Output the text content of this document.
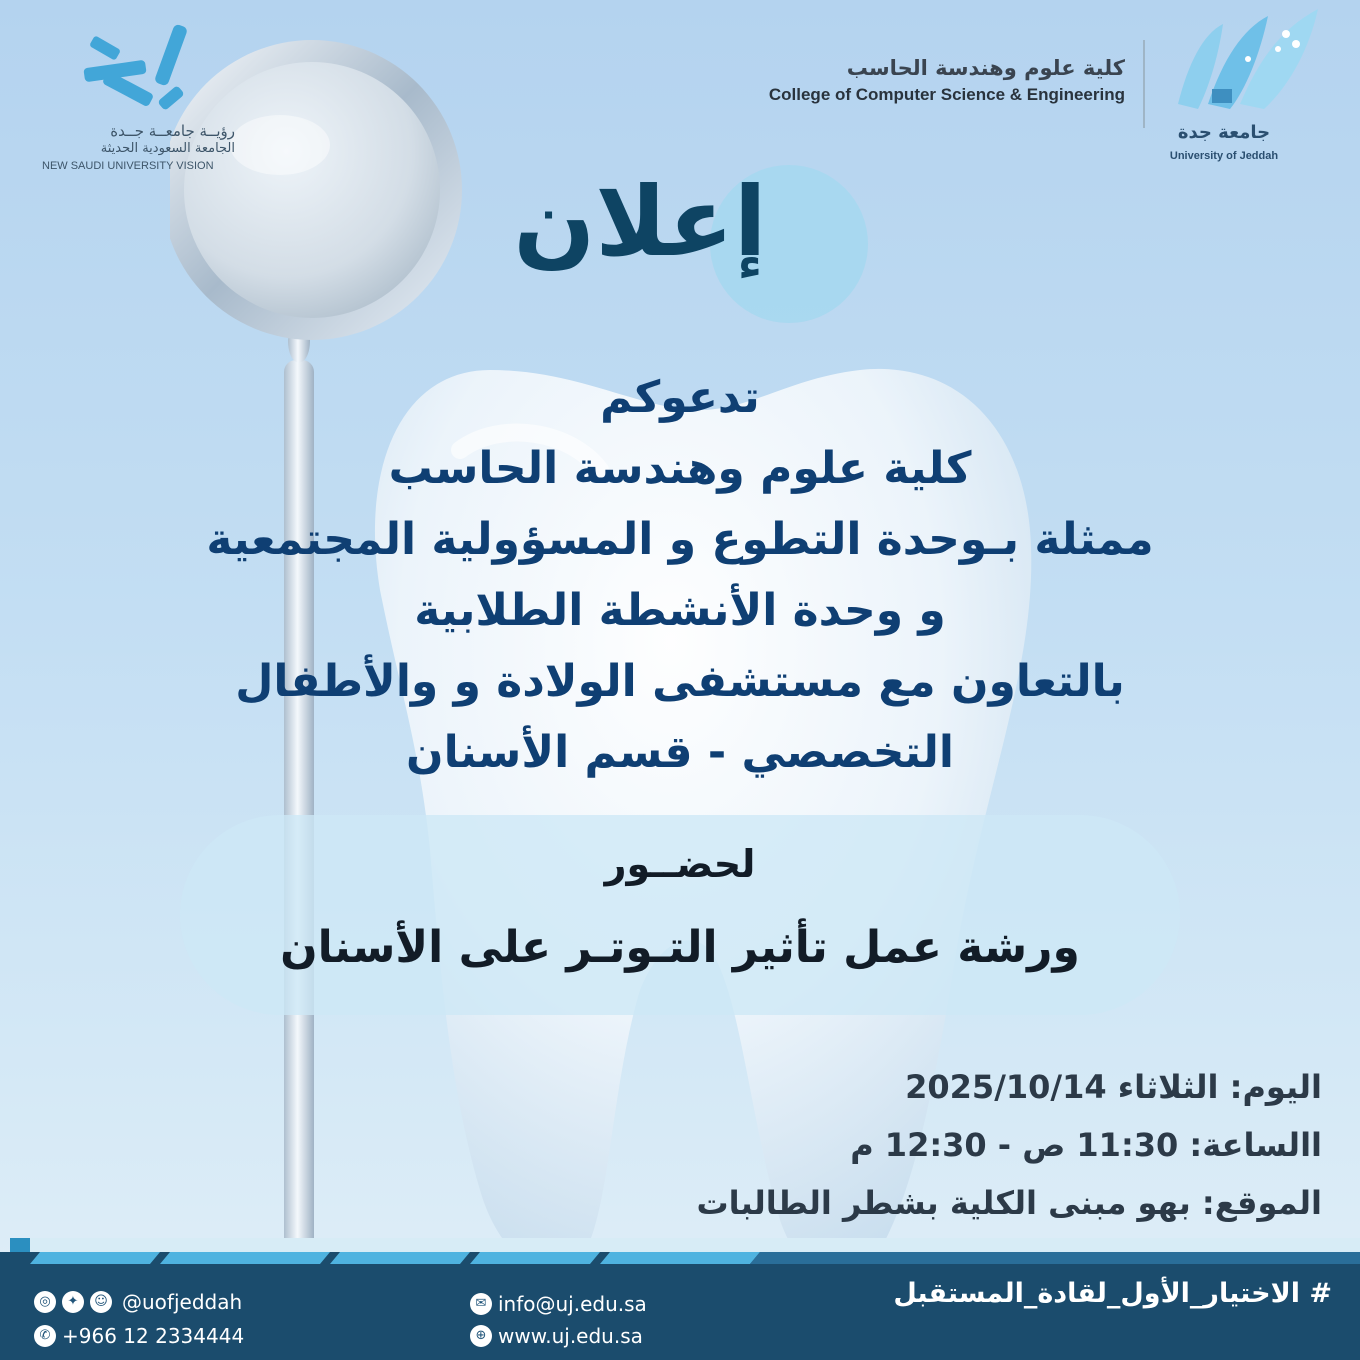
رؤيــة جامعــة جــدة
الجامعة السعودية الحديثة
NEW SAUDI UNIVERSITY VISION
كلية علوم وهندسة الحاسب
College of Computer Science & Engineering
جامعة جدة
University of Jeddah
إعلان
تدعوكم
كلية علوم وهندسة الحاسب
ممثلة بـوحدة التطوع و المسؤولية المجتمعية
و وحدة الأنشطة الطلابية
بالتعاون مع مستشفى الولادة و والأطفال
التخصصي - قسم الأسنان
لحضــور
ورشة عمل تأثير التـوتـر على الأسنان
اليوم: الثلاثاء 2025/10/14
االساعة: 11:30 ص - 12:30 م
الموقع: بهو مبنى الكلية بشطر الطالبات
◎	✦	☺ @uofjeddah
✆ +966 12 2334444
✉ info@uj.edu.sa
⊕ www.uj.edu.sa
# الاختيار_الأول_لقادة_المستقبل
